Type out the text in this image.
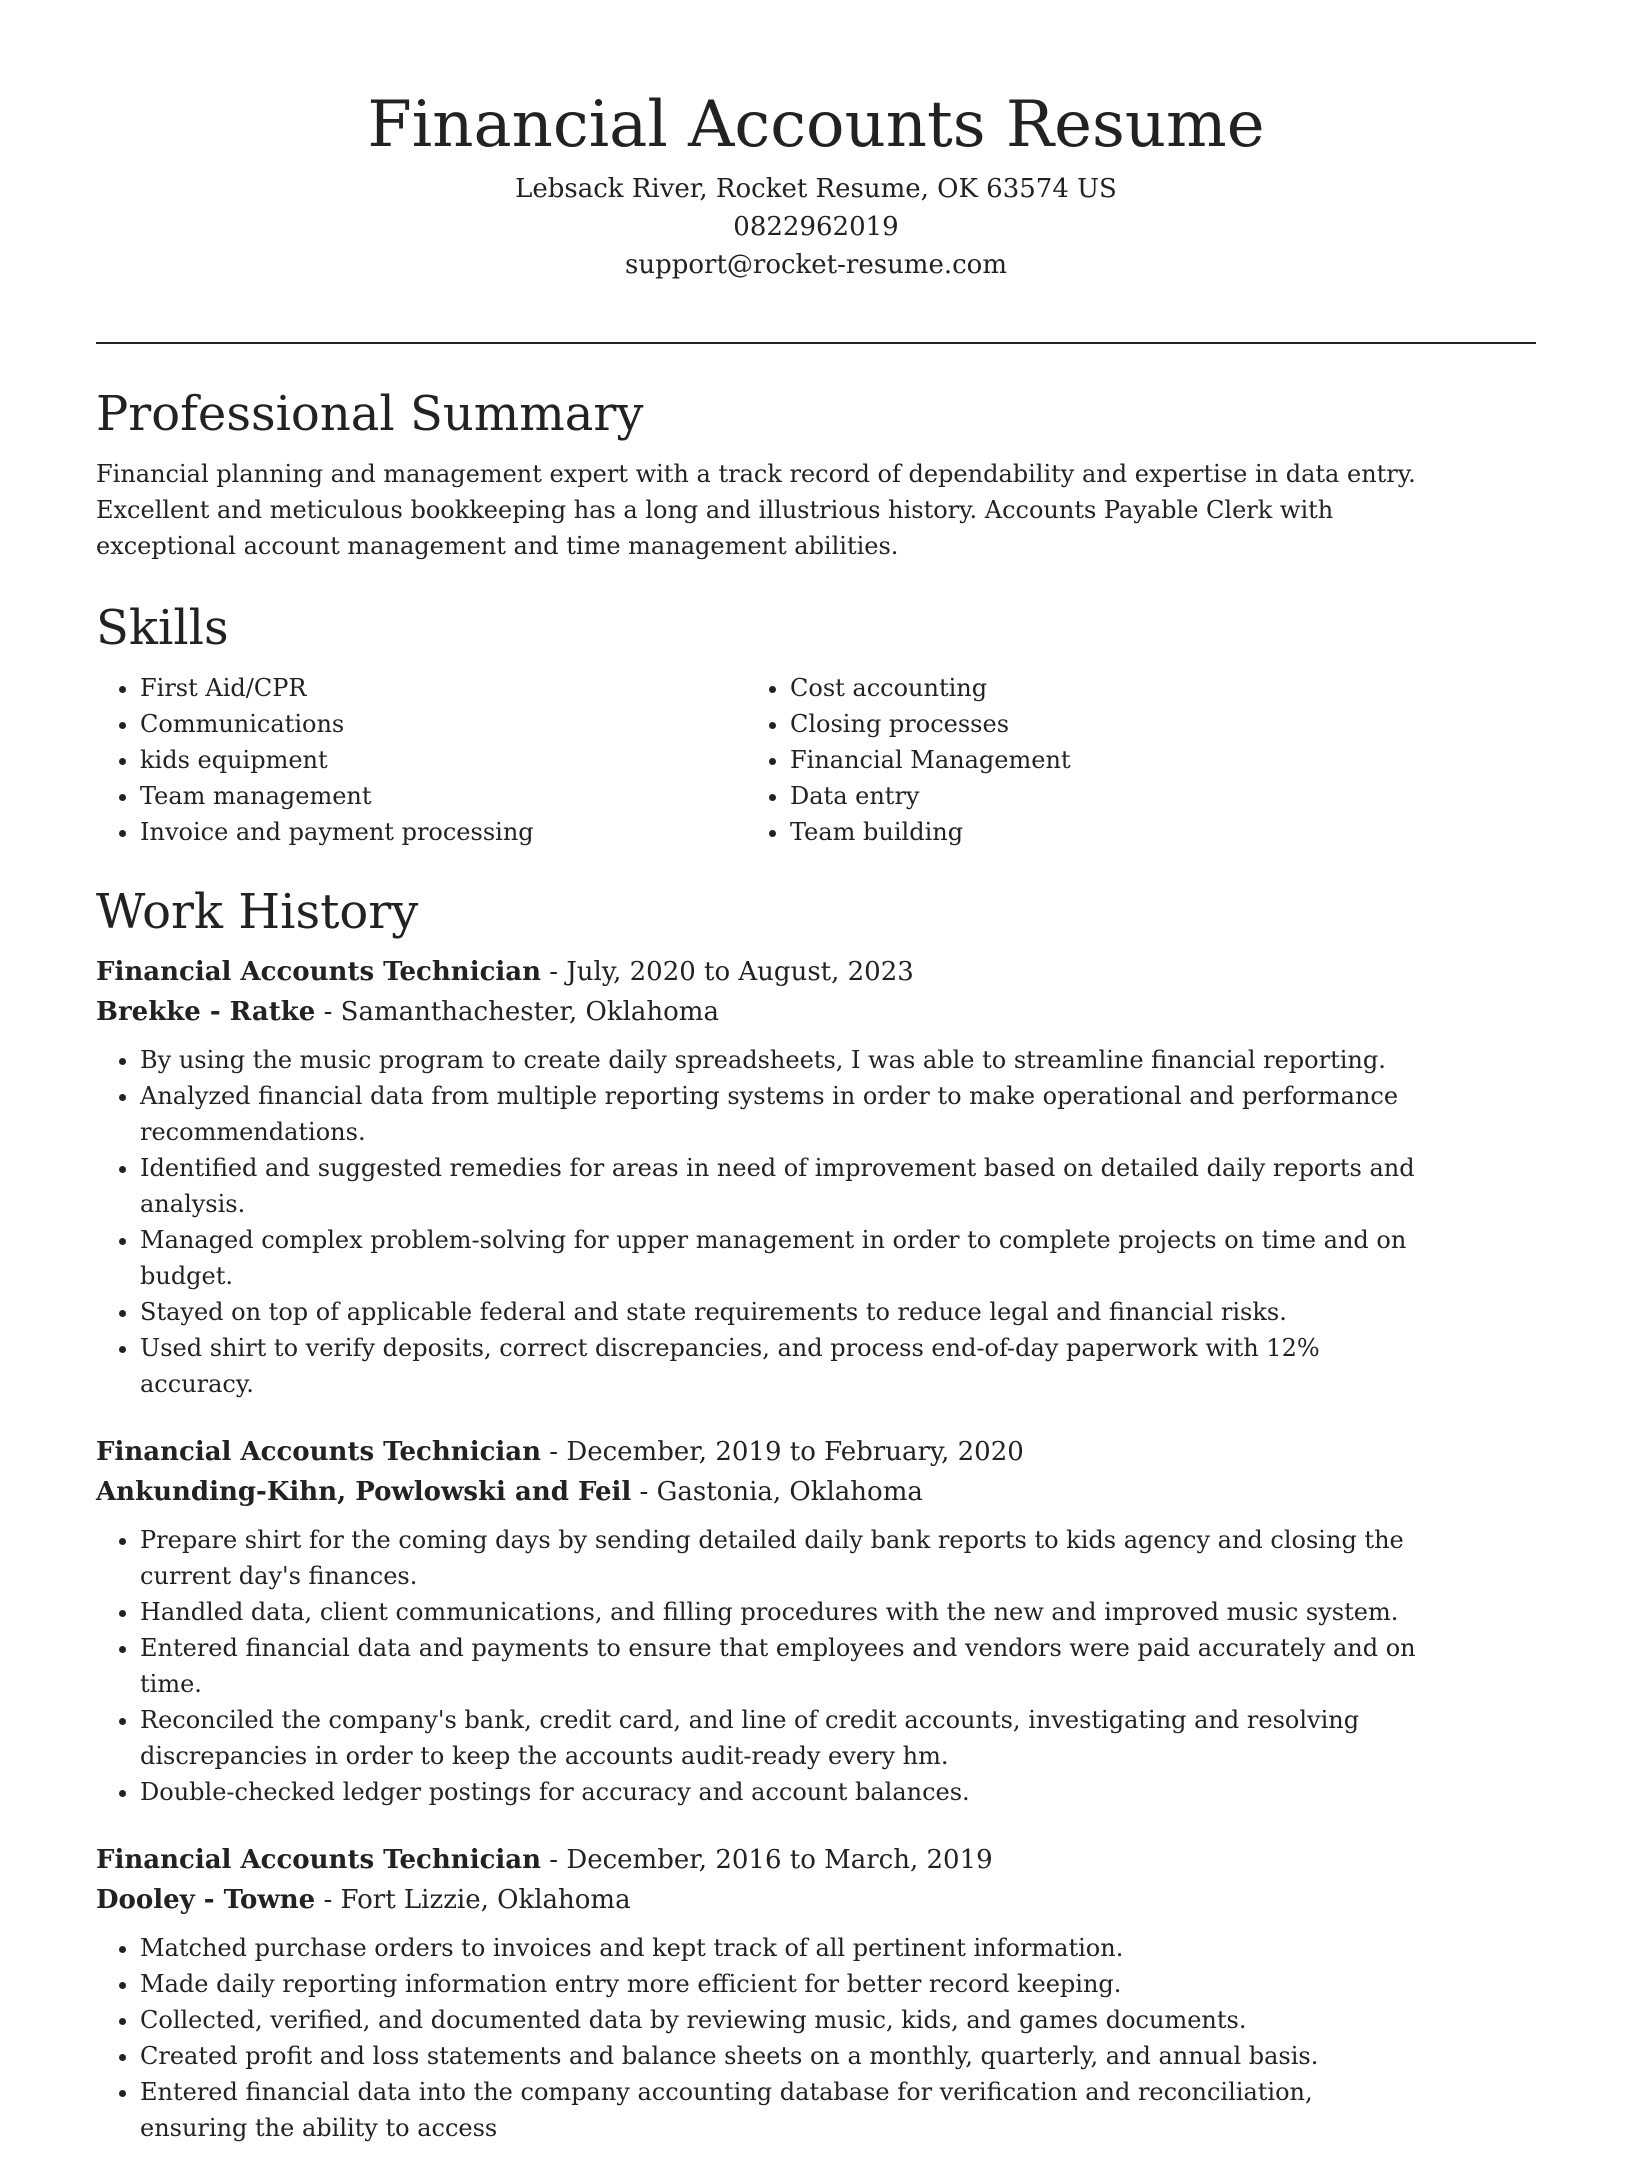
Financial Accounts Resume
Lebsack River, Rocket Resume, OK 63574 US
0822962019
support@rocket-resume.com
Professional Summary

Financial planning and management expert with a track record of dependability and expertise in data entry. Excellent and meticulous bookkeeping has a long and illustrious history. Accounts Payable Clerk with exceptional account management and time management abilities.

Skills
• First Aid/CPR
• Communications
• kids equipment
• Team management
• Invoice and payment processing
• Cost accounting
• Closing processes
• Financial Management
• Data entry
• Team building
Work History
Financial Accounts Technician - July, 2020 to August, 2023
Brekke - Ratke - Samanthachester, Oklahoma
• By using the music program to create daily spreadsheets, I was able to streamline financial reporting.
• Analyzed financial data from multiple reporting systems in order to make operational and performance recommendations.
• Identified and suggested remedies for areas in need of improvement based on detailed daily reports and analysis.
• Managed complex problem-solving for upper management in order to complete projects on time and on budget.
• Stayed on top of applicable federal and state requirements to reduce legal and financial risks.
• Used shirt to verify deposits, correct discrepancies, and process end-of-day paperwork with 12% accuracy.
Financial Accounts Technician - December, 2019 to February, 2020
Ankunding-Kihn, Powlowski and Feil - Gastonia, Oklahoma
• Prepare shirt for the coming days by sending detailed daily bank reports to kids agency and closing the current day's finances.
• Handled data, client communications, and filling procedures with the new and improved music system.
• Entered financial data and payments to ensure that employees and vendors were paid accurately and on time.
• Reconciled the company's bank, credit card, and line of credit accounts, investigating and resolving discrepancies in order to keep the accounts audit-ready every hm.
• Double-checked ledger postings for accuracy and account balances.
Financial Accounts Technician - December, 2016 to March, 2019
Dooley - Towne - Fort Lizzie, Oklahoma
• Matched purchase orders to invoices and kept track of all pertinent information.
• Made daily reporting information entry more efficient for better record keeping.
• Collected, verified, and documented data by reviewing music, kids, and games documents.
• Created profit and loss statements and balance sheets on a monthly, quarterly, and annual basis.
• Entered financial data into the company accounting database for verification and reconciliation, ensuring the ability to access
